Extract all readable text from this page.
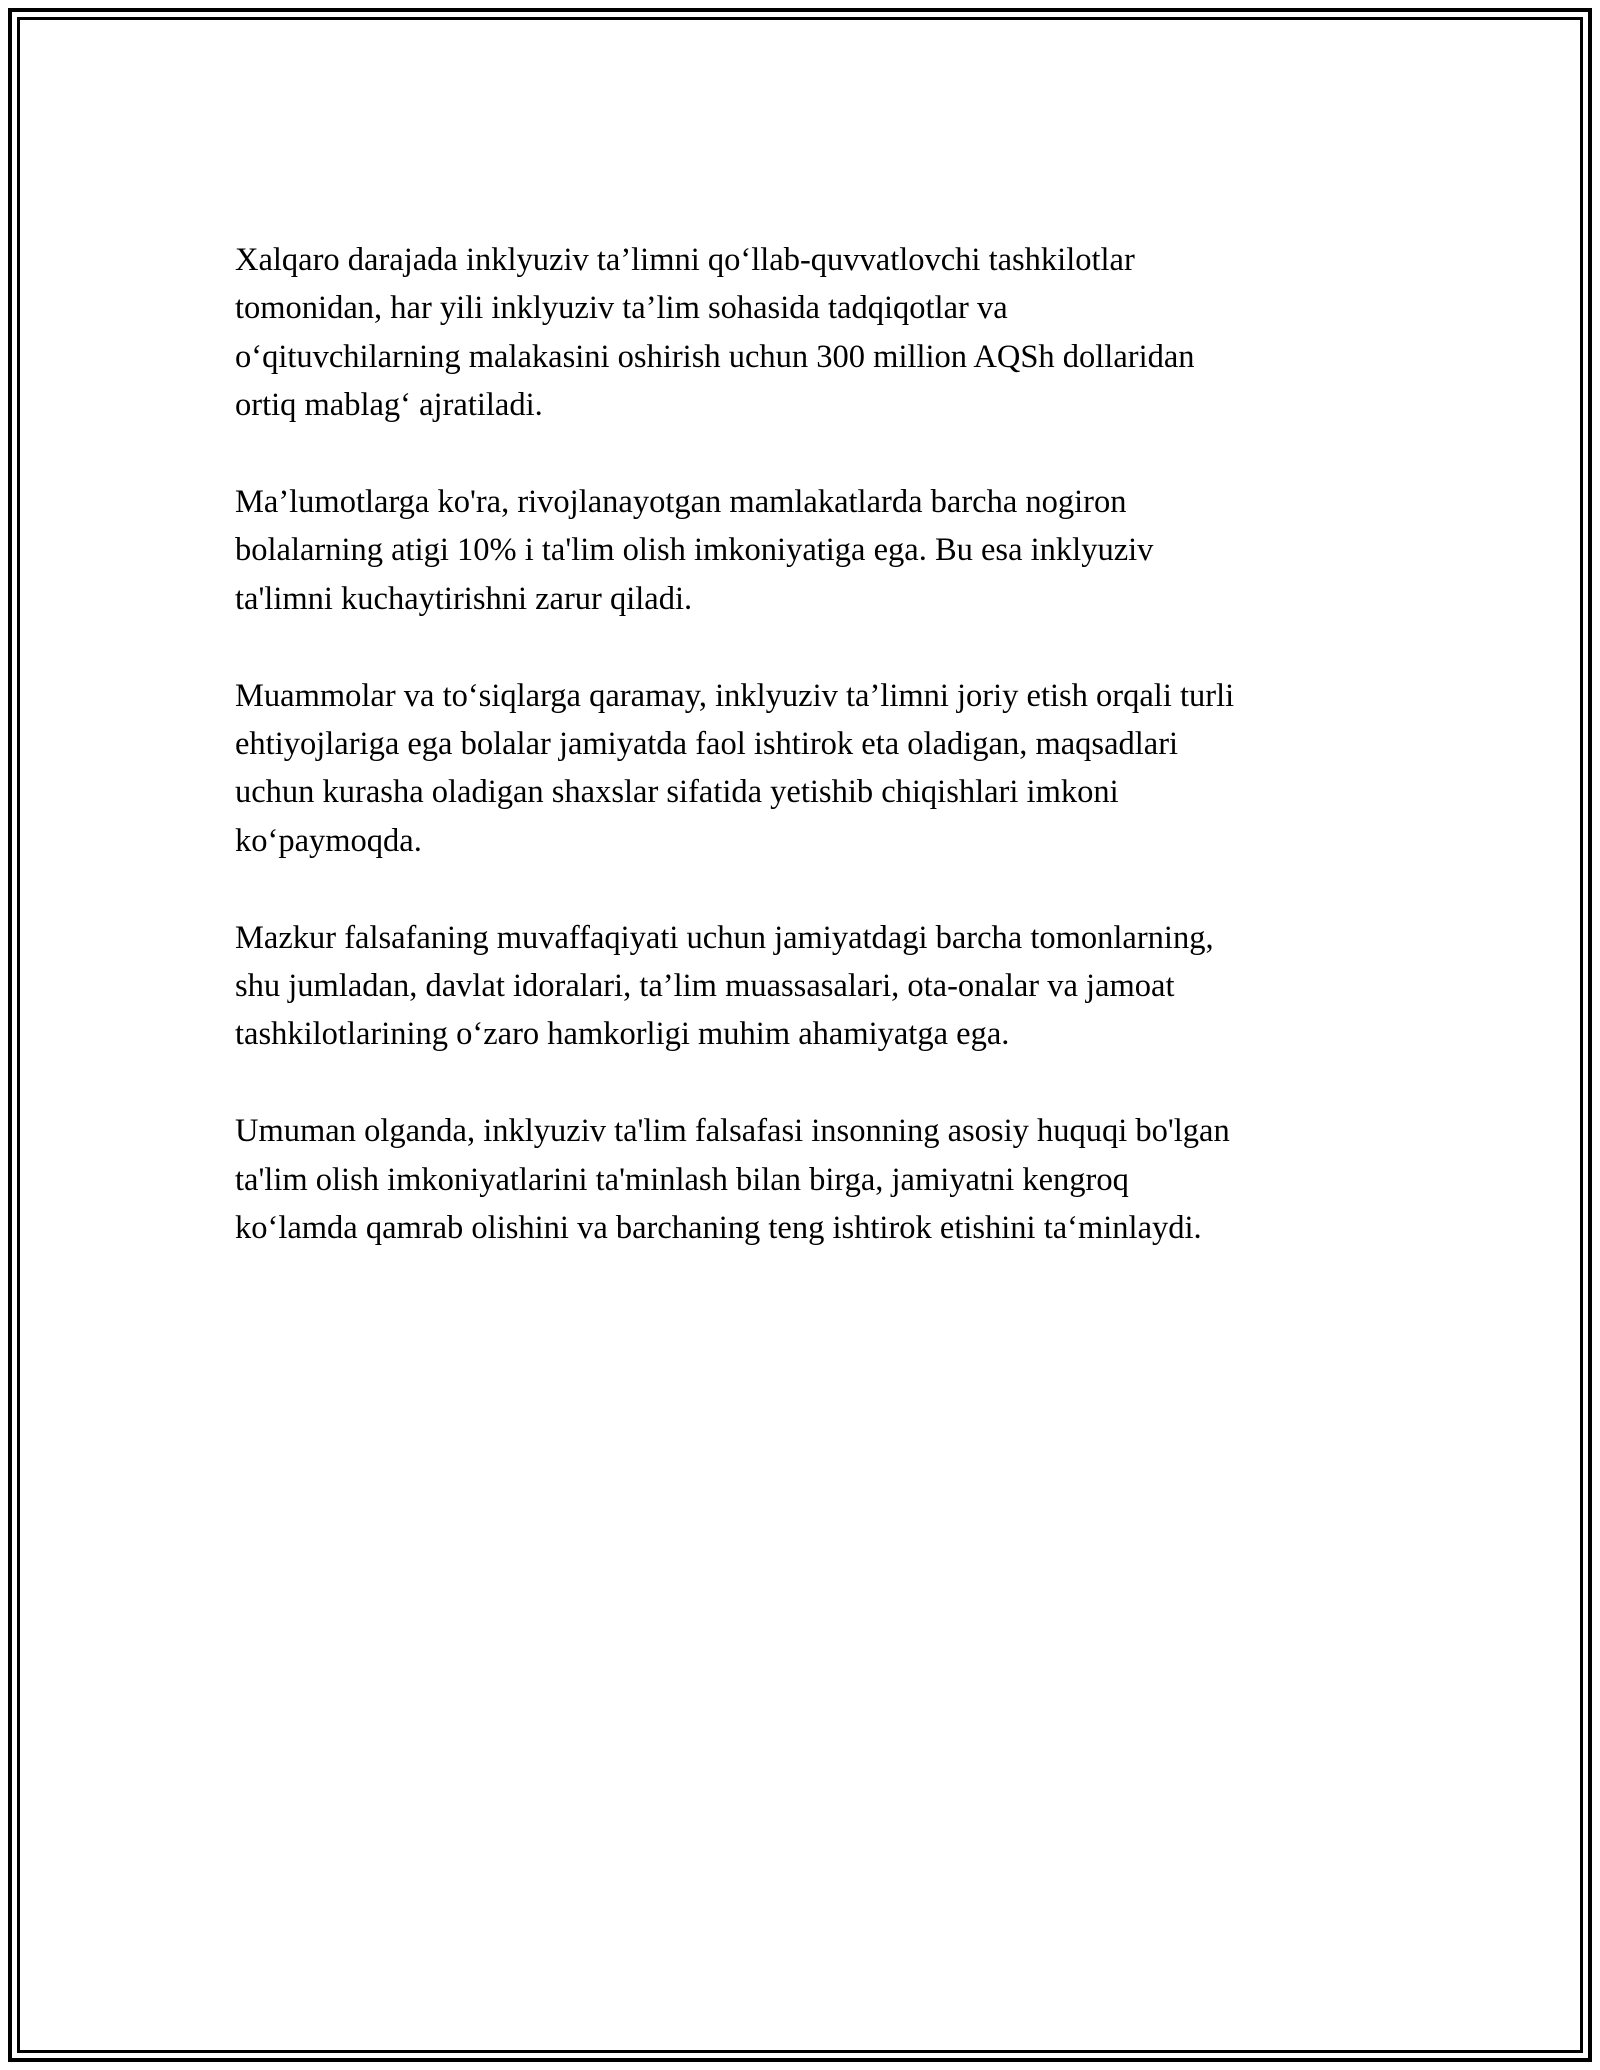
Xalqaro darajada inklyuziv ta’limni qo‘llab-quvvatlovchi tashkilotlar
tomonidan, har yili inklyuziv ta’lim sohasida tadqiqotlar va
o‘qituvchilarning malakasini oshirish uchun 300 million AQSh dollaridan
ortiq mablag‘ ajratiladi.

Ma’lumotlarga ko'ra, rivojlanayotgan mamlakatlarda barcha nogiron
bolalarning atigi 10% i ta'lim olish imkoniyatiga ega. Bu esa inklyuziv
ta'limni kuchaytirishni zarur qiladi.

Muammolar va to‘siqlarga qaramay, inklyuziv ta’limni joriy etish orqali turli
ehtiyojlariga ega bolalar jamiyatda faol ishtirok eta oladigan, maqsadlari
uchun kurasha oladigan shaxslar sifatida yetishib chiqishlari imkoni
ko‘paymoqda.

Mazkur falsafaning muvaffaqiyati uchun jamiyatdagi barcha tomonlarning,
shu jumladan, davlat idoralari, ta’lim muassasalari, ota-onalar va jamoat
tashkilotlarining o‘zaro hamkorligi muhim ahamiyatga ega.

Umuman olganda, inklyuziv ta'lim falsafasi insonning asosiy huquqi bo'lgan
ta'lim olish imkoniyatlarini ta'minlash bilan birga, jamiyatni kengroq
ko‘lamda qamrab olishini va barchaning teng ishtirok etishini ta‘minlaydi.
